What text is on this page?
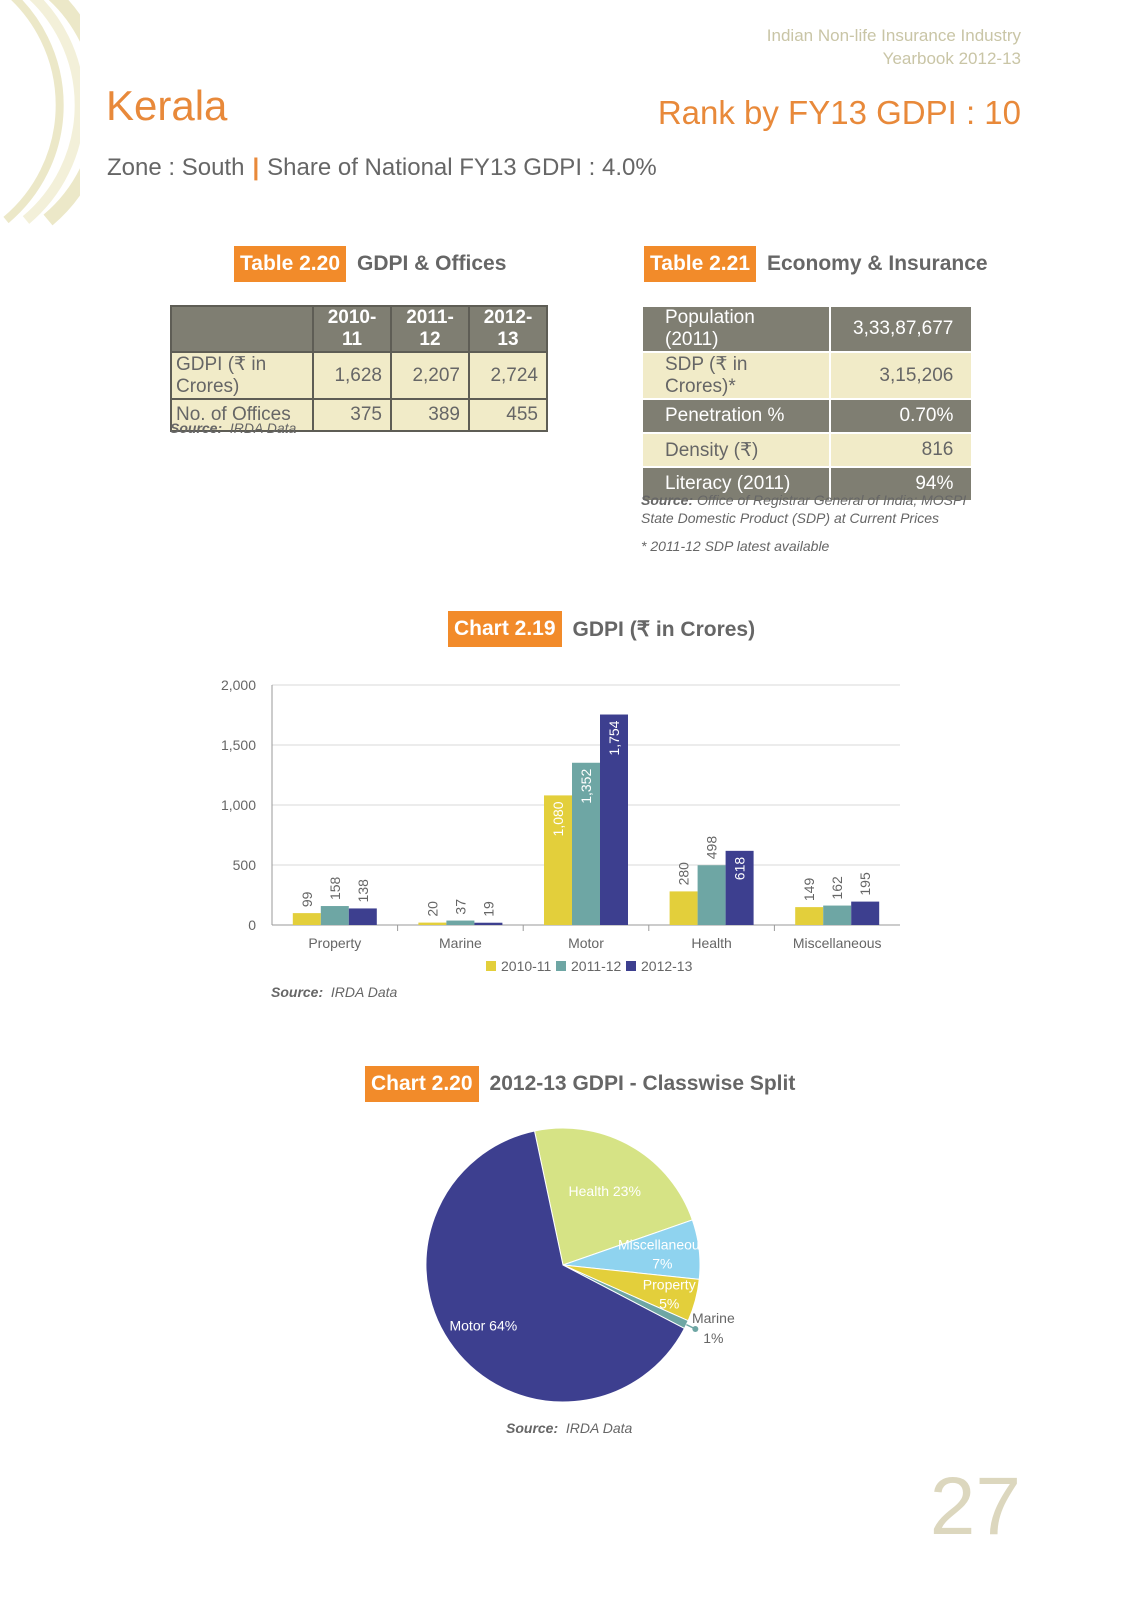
Indian Non-life Insurance Industry
Yearbook 2012-13
Kerala	Rank by FY13 GDPI : 10
Zone : South | Share of National FY13 GDPI : 4.0%
Table 2.20 GDPI & Offices
	2010-11	2011-12	2012-13
GDPI (₹ in Crores)	1,628	2,207	2,724
No. of Offices	375	389	455
Source: IRDA Data
Table 2.21 Economy & Insurance
Population (2011)	3,33,87,677
SDP (₹ in Crores)*	3,15,206
Penetration %	0.70%
Density (₹)	816
Literacy (2011)	94%
Source: Office of Registrar General of India; MOSPI
State Domestic Product (SDP) at Current Prices
* 2011-12 SDP latest available
Chart 2.19 GDPI (₹ in Crores)
0
500
1,000
1,500
2,000
Property
99 158 138
Marine
20 37 19
Motor
1,080
1,352
1,754
Health
280
498
618
Miscellaneous
149 162 195
2010-11 2011-12 2012-13
Source: IRDA Data
Chart 2.20 2012-13 GDPI - Classwise Split
Health 23%
Miscellaneous
7%
Property
5%
Marine
1%
Motor 64%
Source: IRDA Data
27
